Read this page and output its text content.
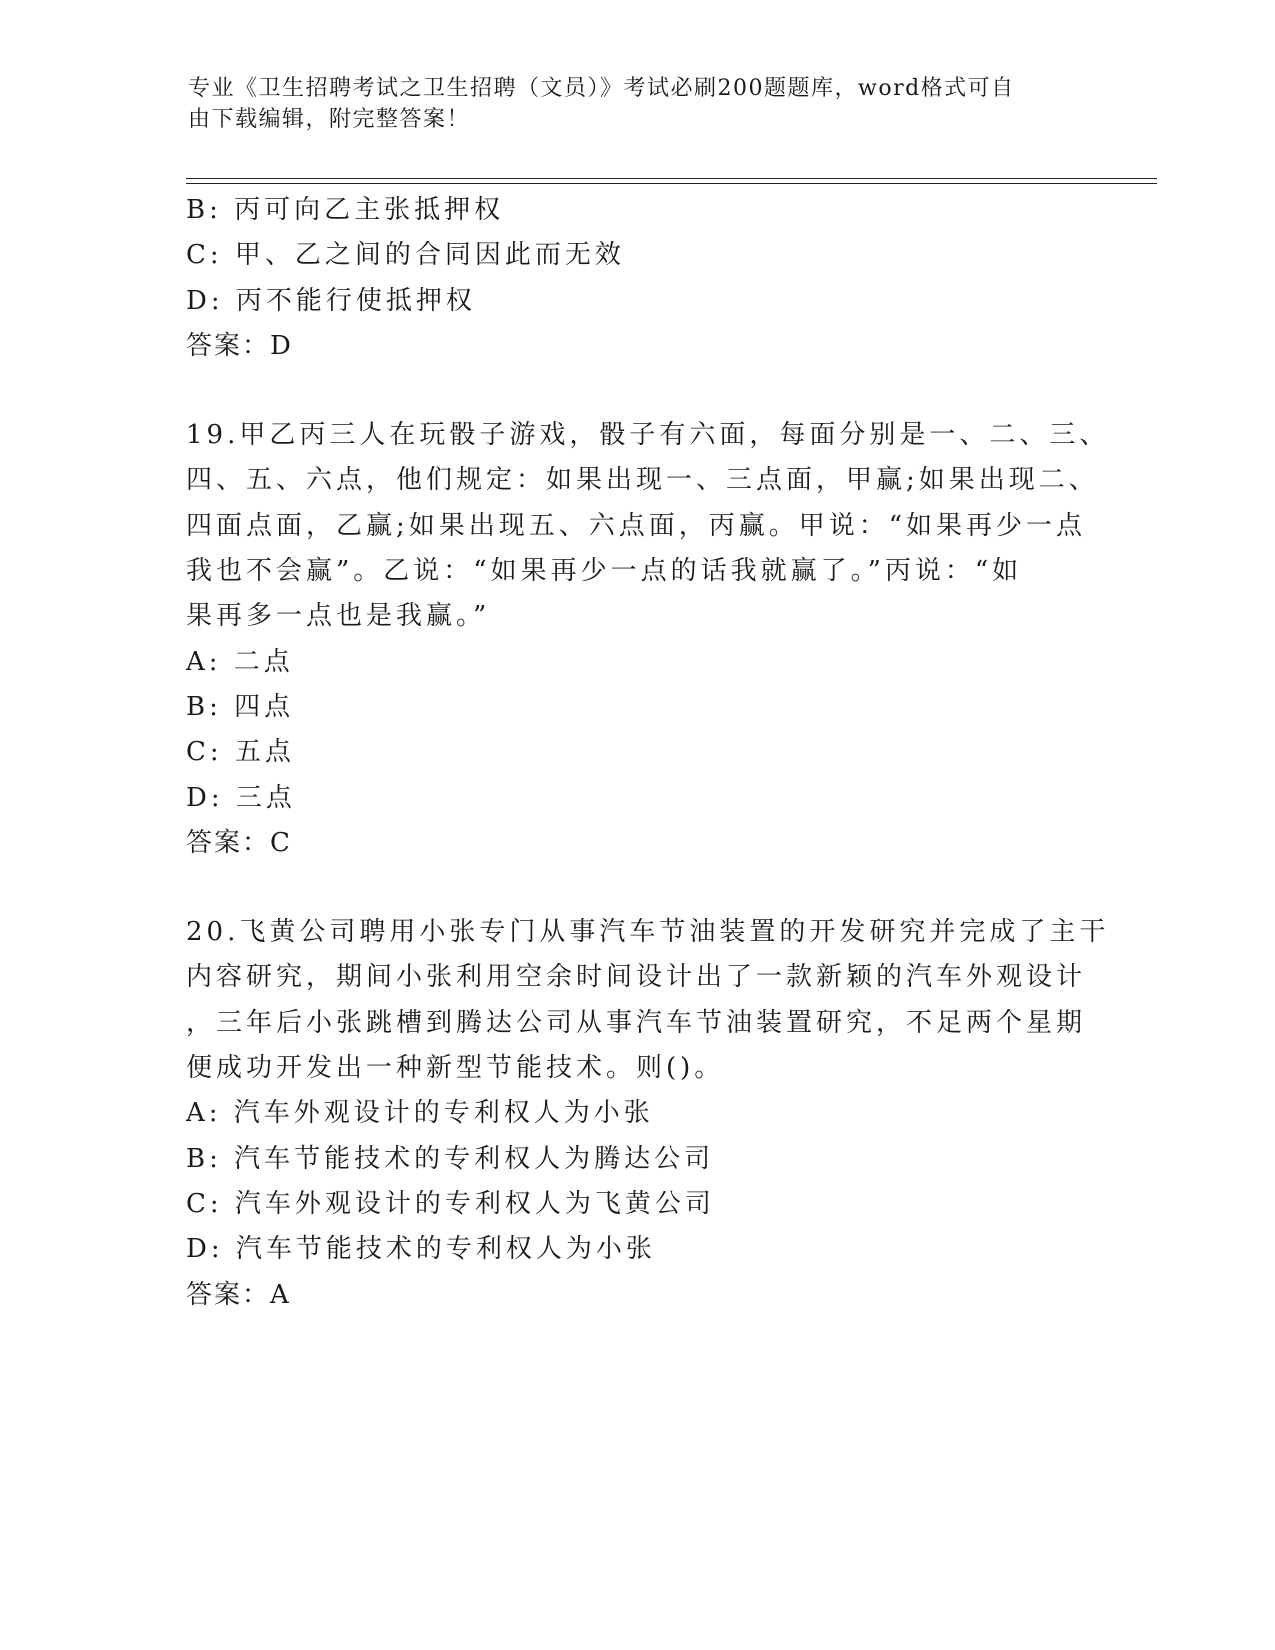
专业《卫生招聘考试之卫生招聘（文员）》考试必刷200题题库，word格式可自
由下载编辑，附完整答案！
B: 丙可向乙主张抵押权
C: 甲、乙之间的合同因此而无效
D: 丙不能行使抵押权
答案：D
19.甲乙丙三人在玩骰子游戏，骰子有六面，每面分别是一、二、三、
四、五、六点，他们规定：如果出现一、三点面，甲赢;如果出现二、
四面点面，乙赢;如果出现五、六点面，丙赢。甲说：“如果再少一点
我也不会赢”。乙说：“如果再少一点的话我就赢了。”丙说：“如
果再多一点也是我赢。”
A: 二点
B: 四点
C: 五点
D: 三点
答案：C
20.飞黄公司聘用小张专门从事汽车节油装置的开发研究并完成了主干
内容研究，期间小张利用空余时间设计出了一款新颖的汽车外观设计
，三年后小张跳槽到腾达公司从事汽车节油装置研究，不足两个星期
便成功开发出一种新型节能技术。则()。
A: 汽车外观设计的专利权人为小张
B: 汽车节能技术的专利权人为腾达公司
C: 汽车外观设计的专利权人为飞黄公司
D: 汽车节能技术的专利权人为小张
答案：A
